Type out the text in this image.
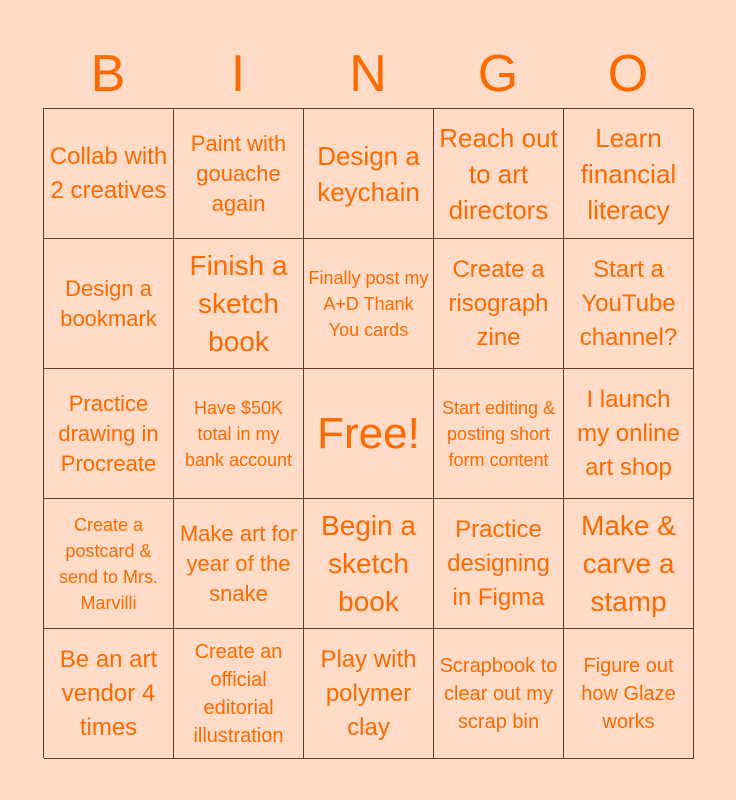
B	I	N	G	O
Collab with 2 creatives
Paint with gouache again
Design a keychain
Reach out to art directors
Learn financial literacy
Design a bookmark
Finish a sketch book
Finally post my A+D Thank You cards
Create a risograph zine
Start a YouTube channel?
Practice drawing in Procreate
Have $50K total in my bank account
Free!
Start editing & posting short form content
I launch my online art shop
Create a postcard & send to Mrs. Marvilli
Make art for year of the snake
Begin a sketch book
Practice designing in Figma
Make & carve a stamp
Be an art vendor 4 times
Create an official editorial illustration
Play with polymer clay
Scrapbook to clear out my scrap bin
Figure out how Glaze works
